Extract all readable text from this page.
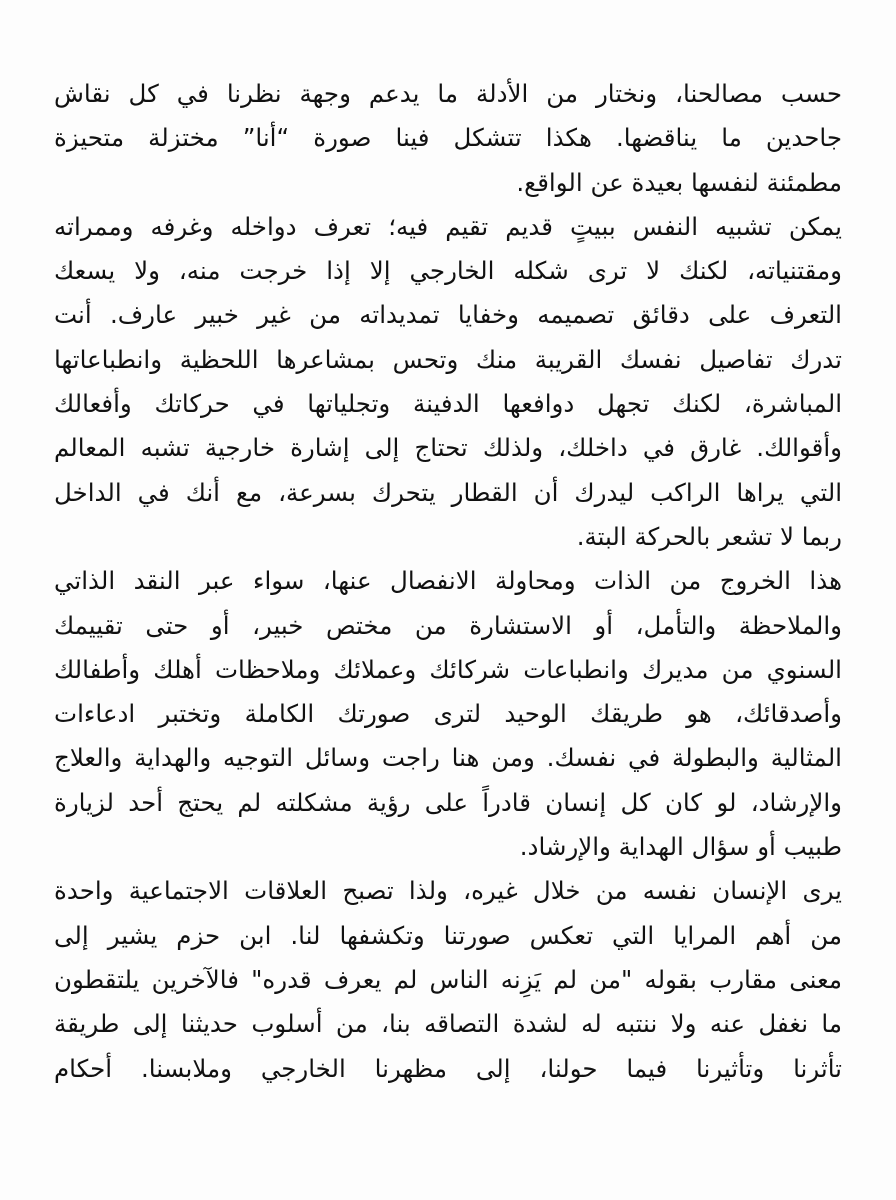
حسب مصالحنا، ونختار من الأدلة ما يدعم وجهة نظرنا في كل نقاش
جاحدين ما يناقضها. هكذا تتشكل فينا صورة “أنا” مختزلة متحيزة
مطمئنة لنفسها بعيدة عن الواقع.
يمكن تشبيه النفس ببيتٍ قديم تقيم فيه؛ تعرف دواخله وغرفه وممراته
ومقتنياته، لكنك لا ترى شكله الخارجي إلا إذا خرجت منه، ولا يسعك
التعرف على دقائق تصميمه وخفايا تمديداته من غير خبير عارف. أنت
تدرك تفاصيل نفسك القريبة منك وتحس بمشاعرها اللحظية وانطباعاتها
المباشرة، لكنك تجهل دوافعها الدفينة وتجلياتها في حركاتك وأفعالك
وأقوالك. غارق في داخلك، ولذلك تحتاج إلى إشارة خارجية تشبه المعالم
التي يراها الراكب ليدرك أن القطار يتحرك بسرعة، مع أنك في الداخل
ربما لا تشعر بالحركة البتة.
هذا الخروج من الذات ومحاولة الانفصال عنها، سواء عبر النقد الذاتي
والملاحظة والتأمل، أو الاستشارة من مختص خبير، أو حتى تقييمك
السنوي من مديرك وانطباعات شركائك وعملائك وملاحظات أهلك وأطفالك
وأصدقائك، هو طريقك الوحيد لترى صورتك الكاملة وتختبر ادعاءات
المثالية والبطولة في نفسك. ومن هنا راجت وسائل التوجيه والهداية والعلاج
والإرشاد، لو كان كل إنسان قادراً على رؤية مشكلته لم يحتج أحد لزيارة
طبيب أو سؤال الهداية والإرشاد.
يرى الإنسان نفسه من خلال غيره، ولذا تصبح العلاقات الاجتماعية واحدة
من أهم المرايا التي تعكس صورتنا وتكشفها لنا. ابن حزم يشير إلى
معنى مقارب بقوله "من لم يَزِنه الناس لم يعرف قدره" فالآخرين يلتقطون
ما نغفل عنه ولا ننتبه له لشدة التصاقه بنا، من أسلوب حديثنا إلى طريقة
تأثرنا وتأثيرنا فيما حولنا، إلى مظهرنا الخارجي وملابسنا. أحكام
